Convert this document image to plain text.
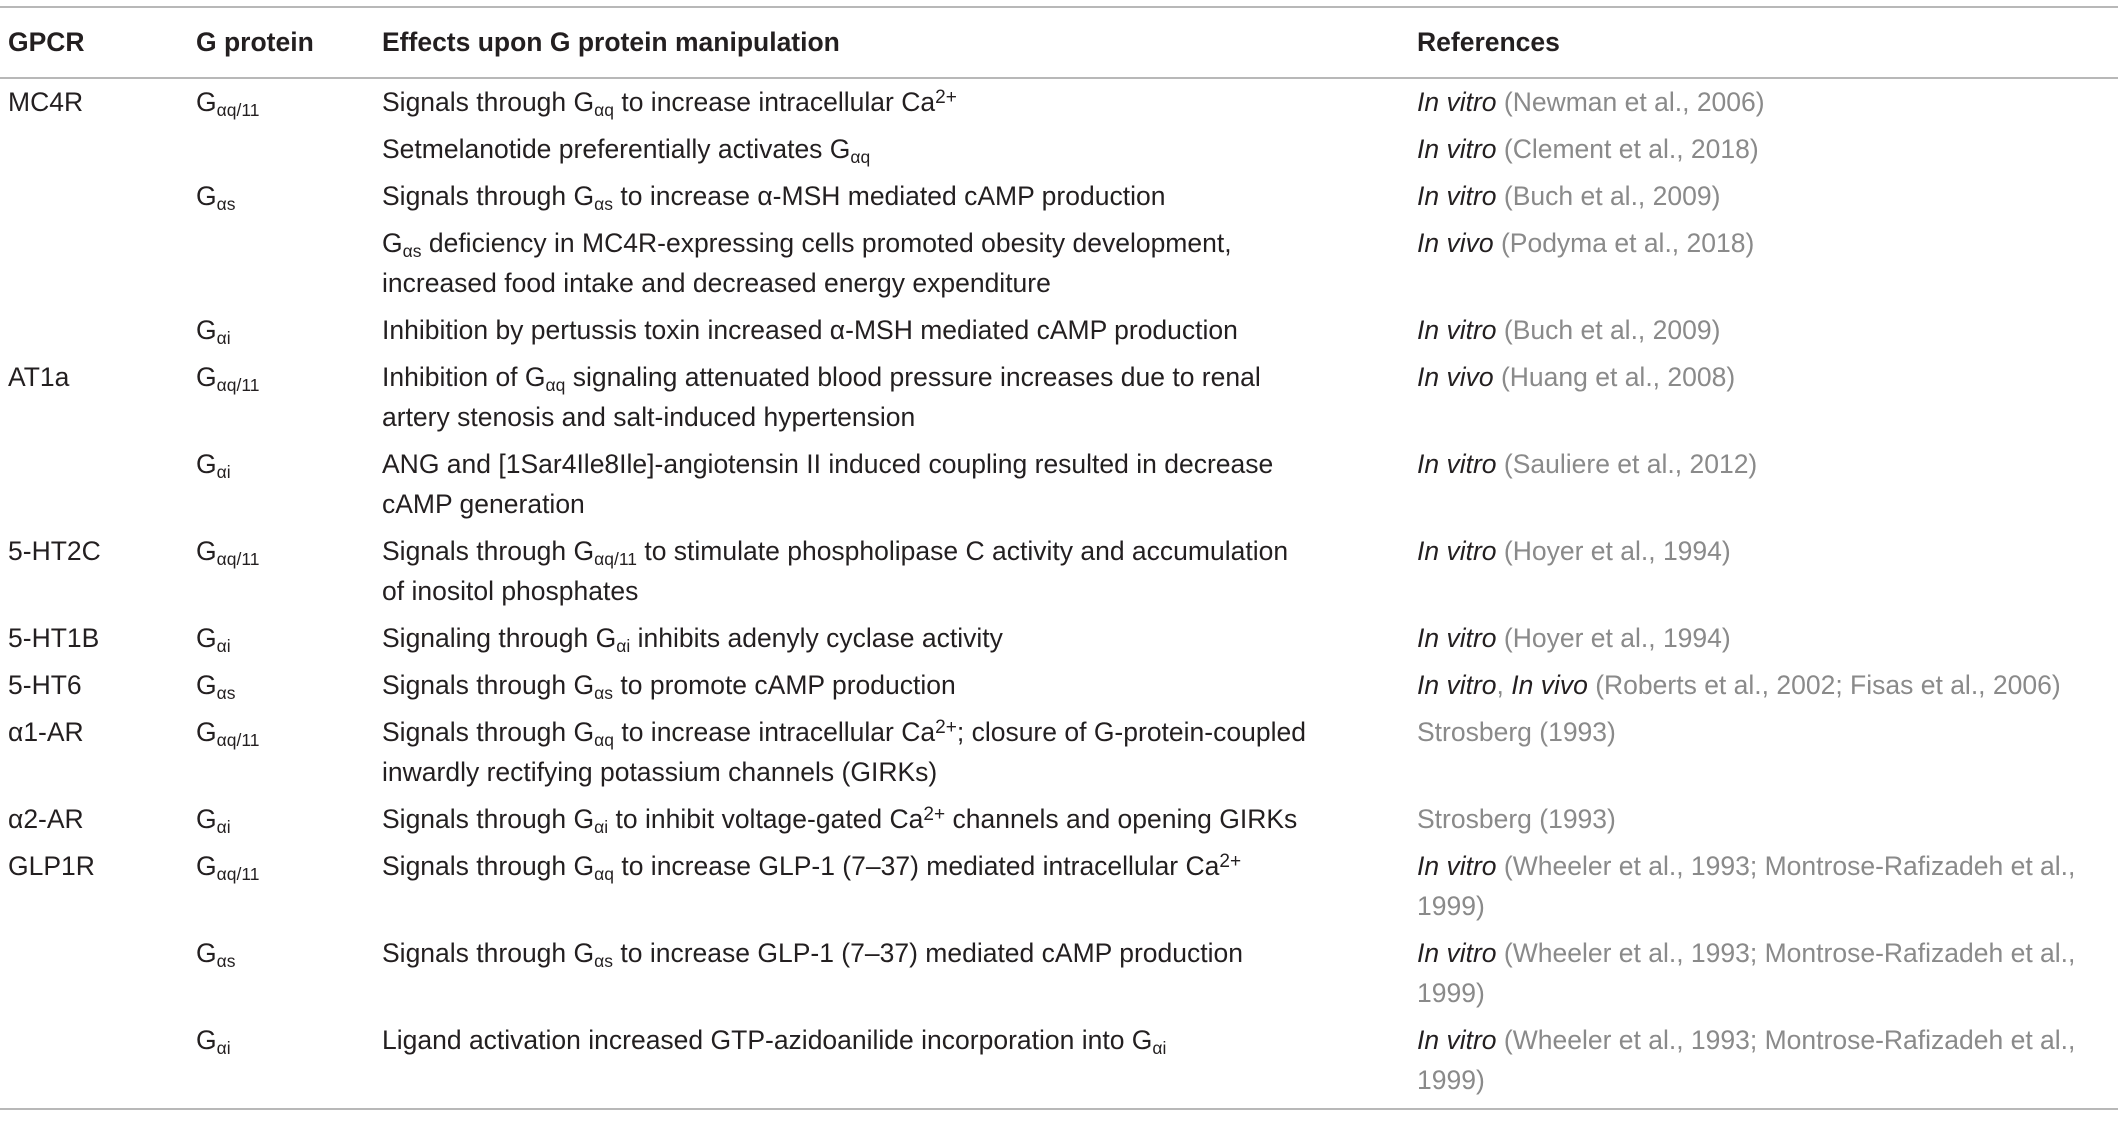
GPCR	G protein	Effects upon G protein manipulation	References
MC4R	$G_{\alpha q/11}$	Signals through $G_{\alpha q}$ to increase intracellular $Ca^{2+}$	In vitro (Newman et al., 2006)
		Setmelanotide preferentially activates $G_{\alpha q}$	In vitro (Clement et al., 2018)
	$G_{\alpha s}$	Signals through $G_{\alpha s}$ to increase α-MSH mediated cAMP production	In vitro (Buch et al., 2009)
		$G_{\alpha s}$ deficiency in MC4R-expressing cells promoted obesity development,
increased food intake and decreased energy expenditure	In vivo (Podyma et al., 2018)
	$G_{\alpha i}$	Inhibition by pertussis toxin increased α-MSH mediated cAMP production	In vitro (Buch et al., 2009)
AT1a	$G_{\alpha q/11}$	Inhibition of $G_{\alpha q}$ signaling attenuated blood pressure increases due to renal
artery stenosis and salt-induced hypertension	In vivo (Huang et al., 2008)
	$G_{\alpha i}$	ANG and [1Sar4Ile8Ile]-angiotensin II induced coupling resulted in decrease
cAMP generation	In vitro (Sauliere et al., 2012)
5-HT2C	$G_{\alpha q/11}$	Signals through $G_{\alpha q/11}$ to stimulate phospholipase C activity and accumulation
of inositol phosphates	In vitro (Hoyer et al., 1994)
5-HT1B	$G_{\alpha i}$	Signaling through $G_{\alpha i}$ inhibits adenyly cyclase activity	In vitro (Hoyer et al., 1994)
5-HT6	$G_{\alpha s}$	Signals through $G_{\alpha s}$ to promote cAMP production	In vitro, In vivo (Roberts et al., 2002; Fisas et al., 2006)
α1-AR	$G_{\alpha q/11}$	Signals through $G_{\alpha q}$ to increase intracellular $Ca^{2+}$; closure of G-protein-coupled
inwardly rectifying potassium channels (GIRKs)	Strosberg (1993)
α2-AR	$G_{\alpha i}$	Signals through $G_{\alpha i}$ to inhibit voltage-gated $Ca^{2+}$ channels and opening GIRKs	Strosberg (1993)
GLP1R	$G_{\alpha q/11}$	Signals through $G_{\alpha q}$ to increase GLP-1 (7–37) mediated intracellular $Ca^{2+}$	In vitro (Wheeler et al., 1993; Montrose-Rafizadeh et al.,
1999)
	$G_{\alpha s}$	Signals through $G_{\alpha s}$ to increase GLP-1 (7–37) mediated cAMP production	In vitro (Wheeler et al., 1993; Montrose-Rafizadeh et al.,
1999)
	$G_{\alpha i}$	Ligand activation increased GTP-azidoanilide incorporation into $G_{\alpha i}$	In vitro (Wheeler et al., 1993; Montrose-Rafizadeh et al.,
1999)
